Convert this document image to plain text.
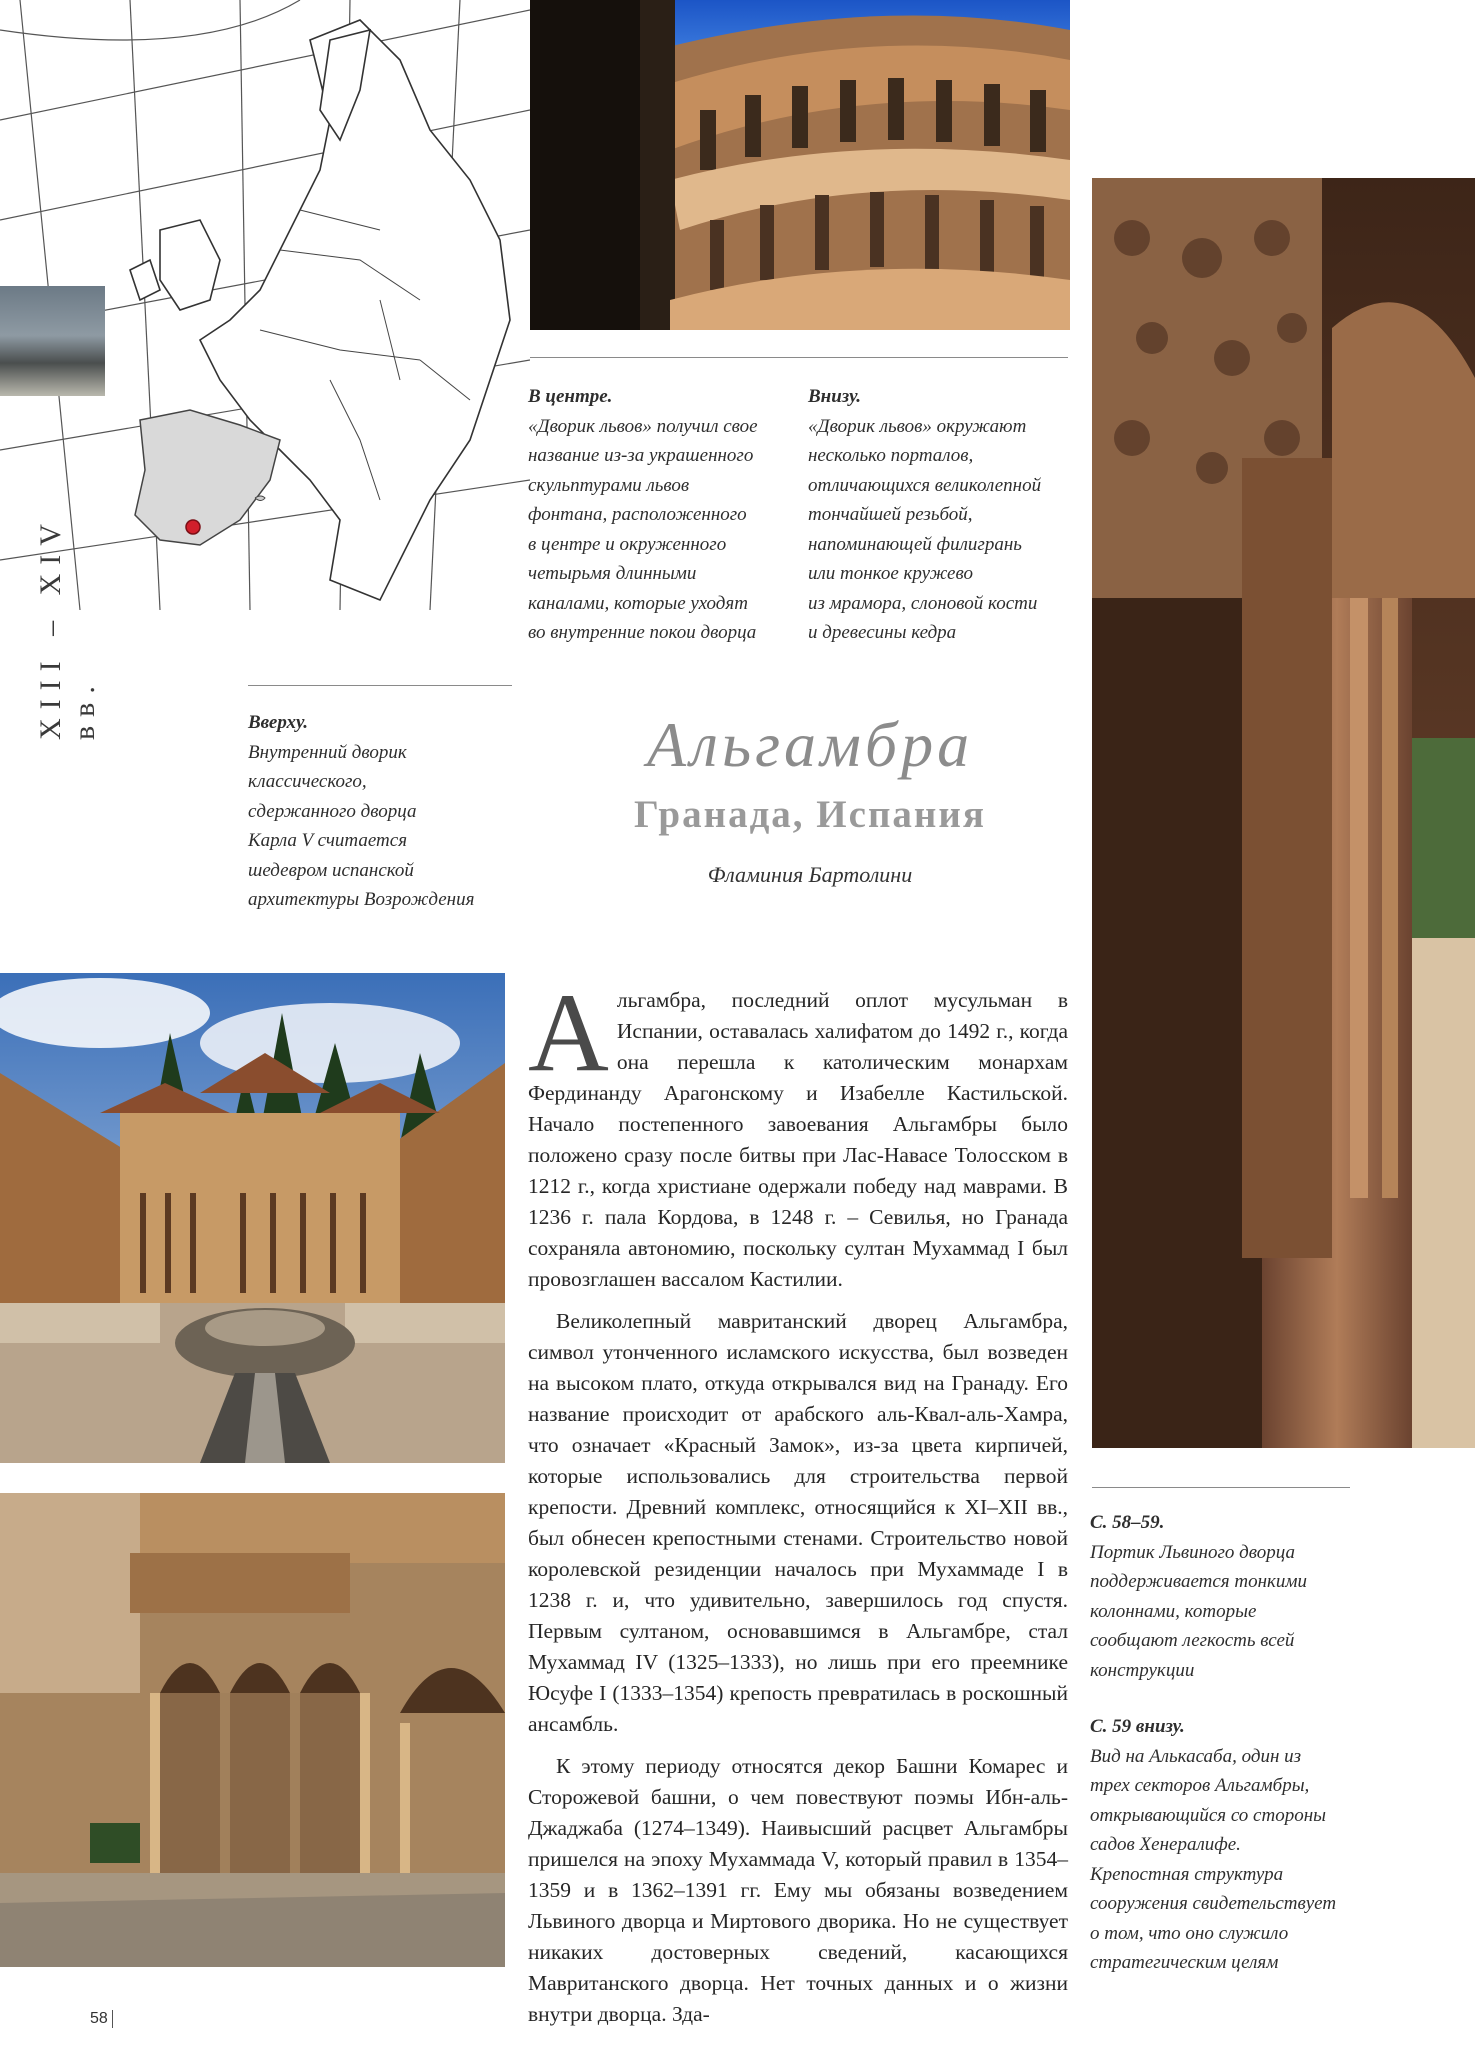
XIII – XIV вв.
В центре.
«Дворик львов» получил свое
название из-за украшенного
скульптурами львов
фонтана, расположенного
в центре и окруженного
четырьмя длинными
каналами, которые уходят
во внутренние покои дворца
Внизу.
«Дворик львов» окружают
несколько порталов,
отличающихся великолепной
тончайшей резьбой,
напоминающей филигрань
или тонкое кружево
из мрамора, слоновой кости
и древесины кедра
Вверху.
Внутренний дворик
классического,
сдержанного дворца
Карла V считается
шедевром испанской
архитектуры Возрождения
Альгамбра
Гранада, Испания
Фламиния Бартолини

Альгамбра, последний оплот мусульман в Испании, оставалась халифатом до 1492 г., когда она перешла к католическим монархам Фердинанду Арагонскому и Изабелле Кастильской. Начало постепенного завоевания Альгамбры было положено сразу после битвы при Лас-Навасе Толосском в 1212 г., когда христиане одержали победу над маврами. В 1236 г. пала Кордова, в 1248 г. – Севилья, но Гранада сохраняла автономию, поскольку султан Мухаммад I был провозглашен вассалом Кастилии.

Великолепный мавританский дворец Альгамбра, символ утонченного исламского искусства, был возведен на высоком плато, откуда открывался вид на Гранаду. Его название происходит от арабского аль-Квал-аль-Хамра, что означает «Красный Замок», из-за цвета кирпичей, которые использовались для строительства первой крепости. Древний комплекс, относящийся к XI–XII вв., был обнесен крепостными стенами. Строительство новой королевской резиденции началось при Мухаммаде I в 1238 г. и, что удивительно, завершилось год спустя. Первым султаном, основавшимся в Альгамбре, стал Мухаммад IV (1325–1333), но лишь при его преемнике Юсуфе I (1333–1354) крепость превратилась в роскошный ансамбль.

К этому периоду относятся декор Башни Комарес и Сторожевой башни, о чем повествуют поэмы Ибн-аль-Джаджаба (1274–1349). Наивысший расцвет Альгамбры пришелся на эпоху Мухаммада V, который правил в 1354–1359 и в 1362–1391 гг. Ему мы обязаны возведением Львиного дворца и Миртового дворика. Но не существует никаких достоверных сведений, касающихся Мавританского дворца. Нет точных данных и о жизни внутри дворца. Зда-

С. 58–59.
Портик Львиного дворца
поддерживается тонкими
колоннами, которые
сообщают легкость всей
конструкции
С. 59 внизу.
Вид на Алькасаба, один из
трех секторов Альгамбры,
открывающийся со стороны
садов Хенералифе.
Крепостная структура
сооружения свидетельствует
о том, что оно служило
стратегическим целям
58
